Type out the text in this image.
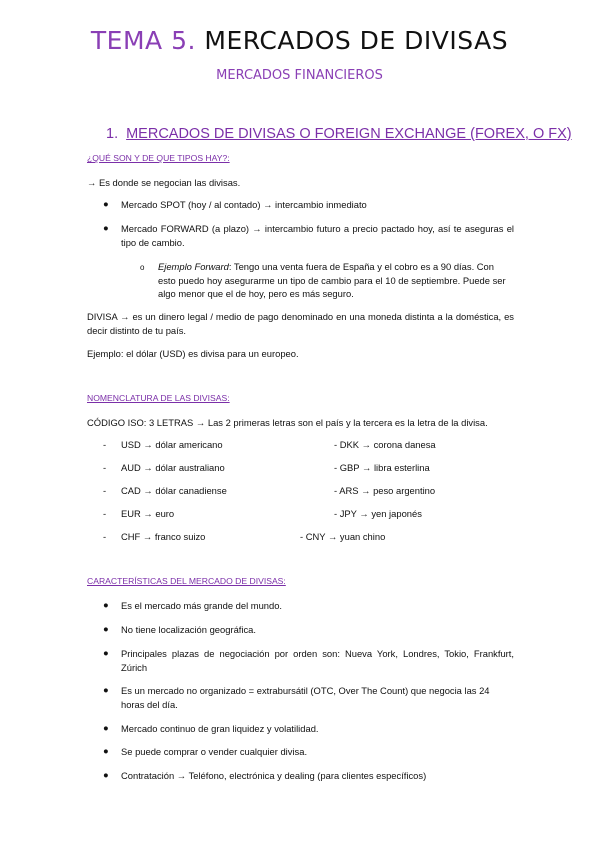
TEMA 5. MERCADOS DE DIVISAS
MERCADOS FINANCIEROS
1. MERCADOS DE DIVISAS O FOREIGN EXCHANGE (FOREX, O FX)
¿QUÉ SON Y DE QUE TIPOS HAY?:
→ Es donde se negocian las divisas.
● Mercado SPOT (hoy / al contado) → intercambio inmediato
● Mercado FORWARD (a plazo) → intercambio futuro a precio pactado hoy, así te aseguras el tipo de cambio.
o Ejemplo Forward: Tengo una venta fuera de España y el cobro es a 90 días. Con esto puedo hoy asegurarme un tipo de cambio para el 10 de septiembre. Puede ser algo menor que el de hoy, pero es más seguro.
DIVISA → es un dinero legal / medio de pago denominado en una moneda distinta a la doméstica, es decir distinto de tu país.
Ejemplo: el dólar (USD) es divisa para un europeo.
NOMENCLATURA DE LAS DIVISAS:
CÓDIGO ISO: 3 LETRAS → Las 2 primeras letras son el país y la tercera es la letra de la divisa.
- USD → dólar americano	- DKK → corona danesa
- AUD → dólar australiano	- GBP → libra esterlina
- CAD → dólar canadiense	- ARS → peso argentino
- EUR → euro	- JPY → yen japonés
- CHF → franco suizo	- CNY → yuan chino
CARACTERÍSTICAS DEL MERCADO DE DIVISAS:
● Es el mercado más grande del mundo.
● No tiene localización geográfica.
● Principales plazas de negociación por orden son: Nueva York, Londres, Tokio, Frankfurt, Zúrich
● Es un mercado no organizado = extrabursátil (OTC, Over The Count) que negocia las 24 horas del día.
● Mercado continuo de gran liquidez y volatilidad.
● Se puede comprar o vender cualquier divisa.
● Contratación → Teléfono, electrónica y dealing (para clientes específicos)
